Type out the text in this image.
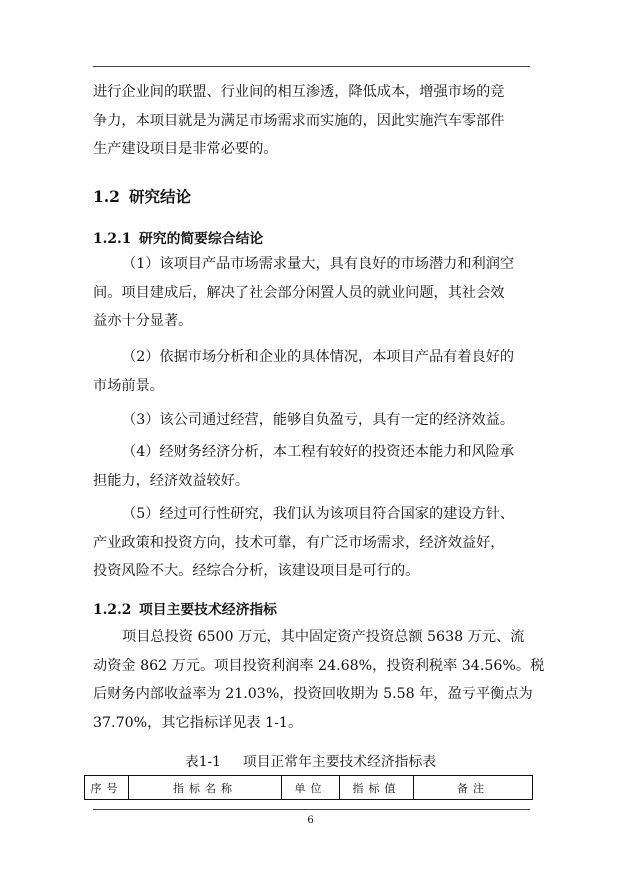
进行企业间的联盟、行业间的相互渗透，降低成本，增强市场的竞
争力，本项目就是为满足市场需求而实施的，因此实施汽车零部件
生产建设项目是非常必要的。

1.2 研究结论
1.2.1 研究的简要综合结论

（1）该项目产品市场需求量大，具有良好的市场潜力和利润空
间。项目建成后，解决了社会部分闲置人员的就业问题，其社会效
益亦十分显著。

（2）依据市场分析和企业的具体情况，本项目产品有着良好的
市场前景。

（3）该公司通过经营，能够自负盈亏，具有一定的经济效益。

（4）经财务经济分析，本工程有较好的投资还本能力和风险承
担能力，经济效益较好。

（5）经过可行性研究，我们认为该项目符合国家的建设方针、
产业政策和投资方向，技术可靠，有广泛市场需求，经济效益好，
投资风险不大。经综合分析，该建设项目是可行的。

1.2.2 项目主要技术经济指标

项目总投资 6500 万元，其中固定资产投资总额 5638 万元、流
动资金 862 万元。项目投资利润率 24.68%，投资利税率 34.56%。税
后财务内部收益率为 21.03%，投资回收期为 5.58 年，盈亏平衡点为
37.70%，其它指标详见表 1-1。

表1-1 项目正常年主要技术经济指标表
序号	指标名称	单位	指标值	备注
6
